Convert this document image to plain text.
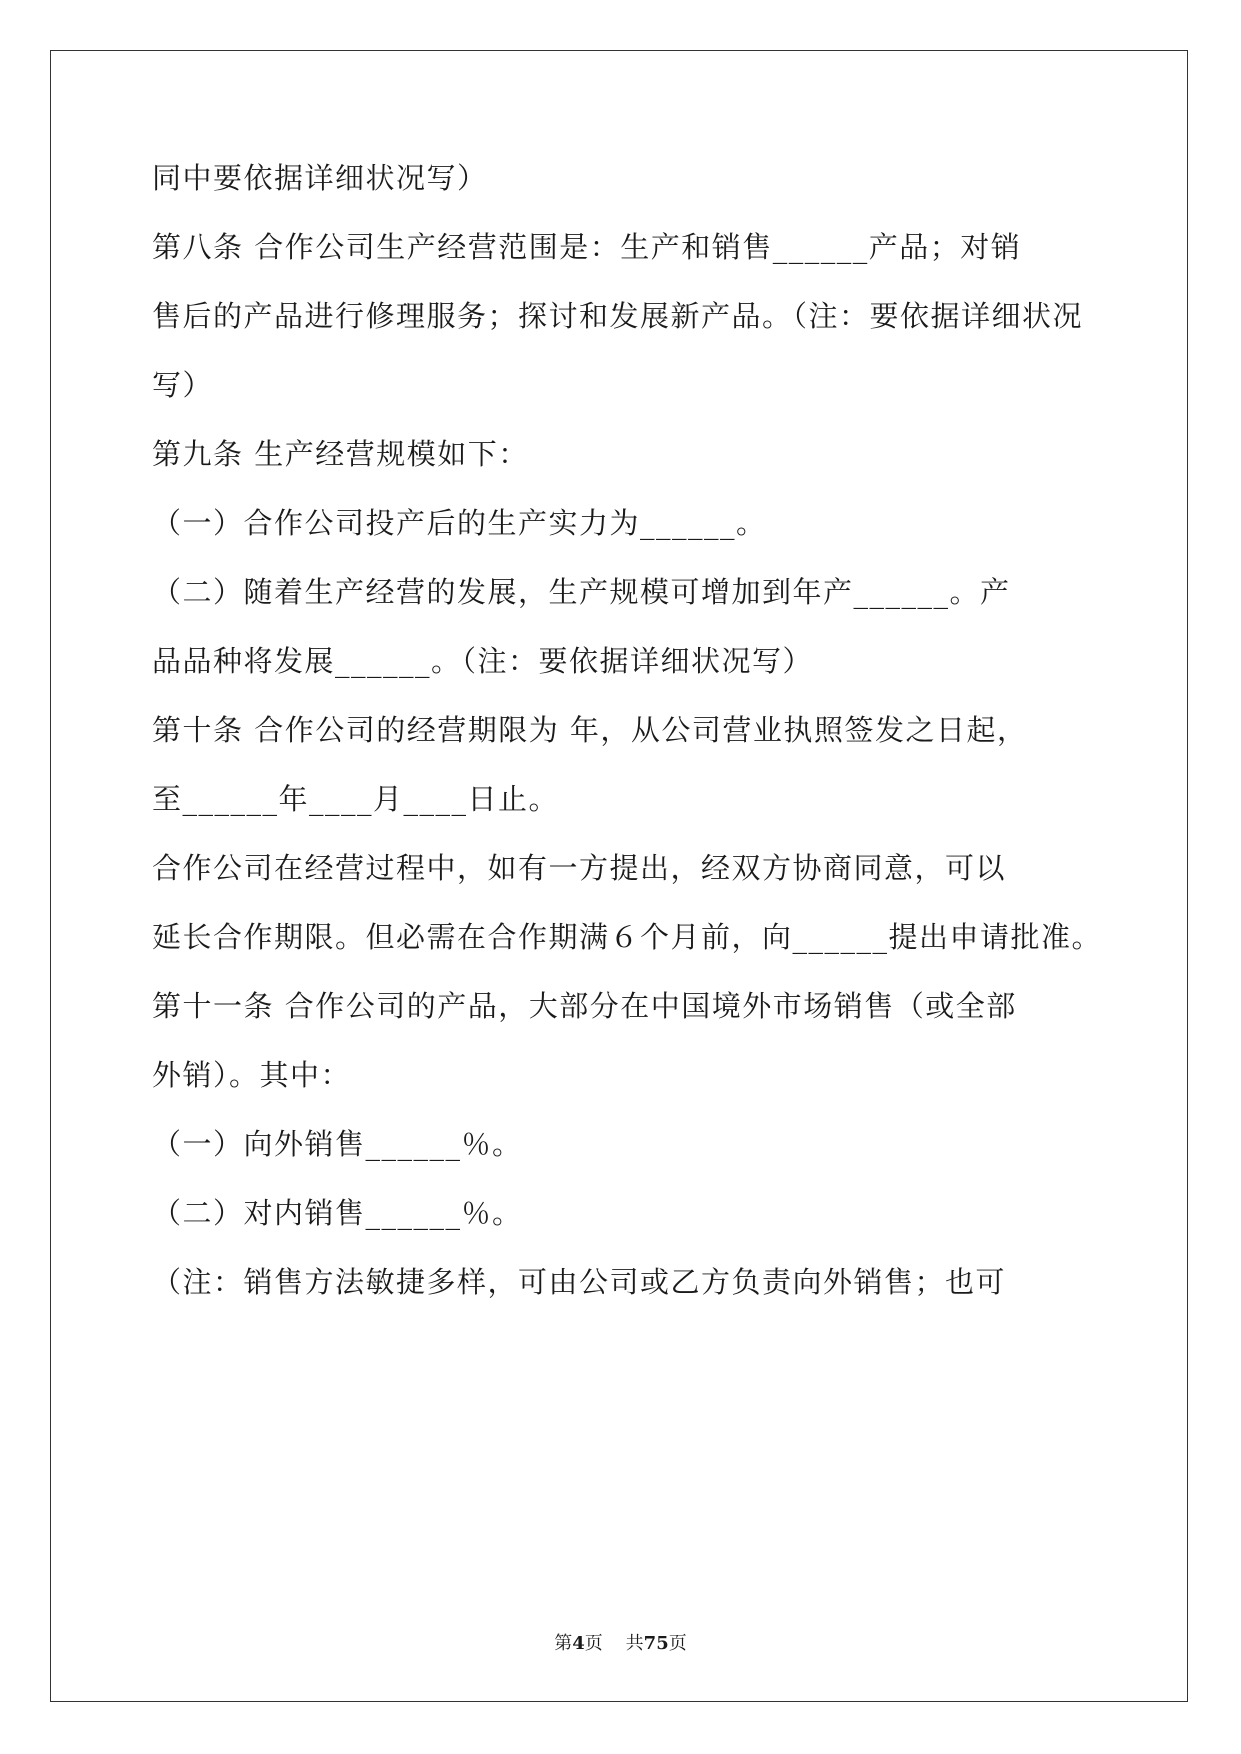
同中要依据详细状况写）
第八条 合作公司生产经营范围是：生产和销售______产品；对销
售后的产品进行修理服务；探讨和发展新产品。（注：要依据详细状况
写）
第九条 生产经营规模如下：
（一）合作公司投产后的生产实力为______。
（二）随着生产经营的发展，生产规模可增加到年产______。产
品品种将发展______。（注：要依据详细状况写）
第十条 合作公司的经营期限为 年，从公司营业执照签发之日起，
至______年____月____日止。
合作公司在经营过程中，如有一方提出，经双方协商同意，可以
延长合作期限。但必需在合作期满６个月前，向______提出申请批准。
第十一条 合作公司的产品，大部分在中国境外市场销售（或全部
外销）。其中：
（一）向外销售______％。
（二）对内销售______％。
（注：销售方法敏捷多样，可由公司或乙方负责向外销售；也可
第4页    共75页
